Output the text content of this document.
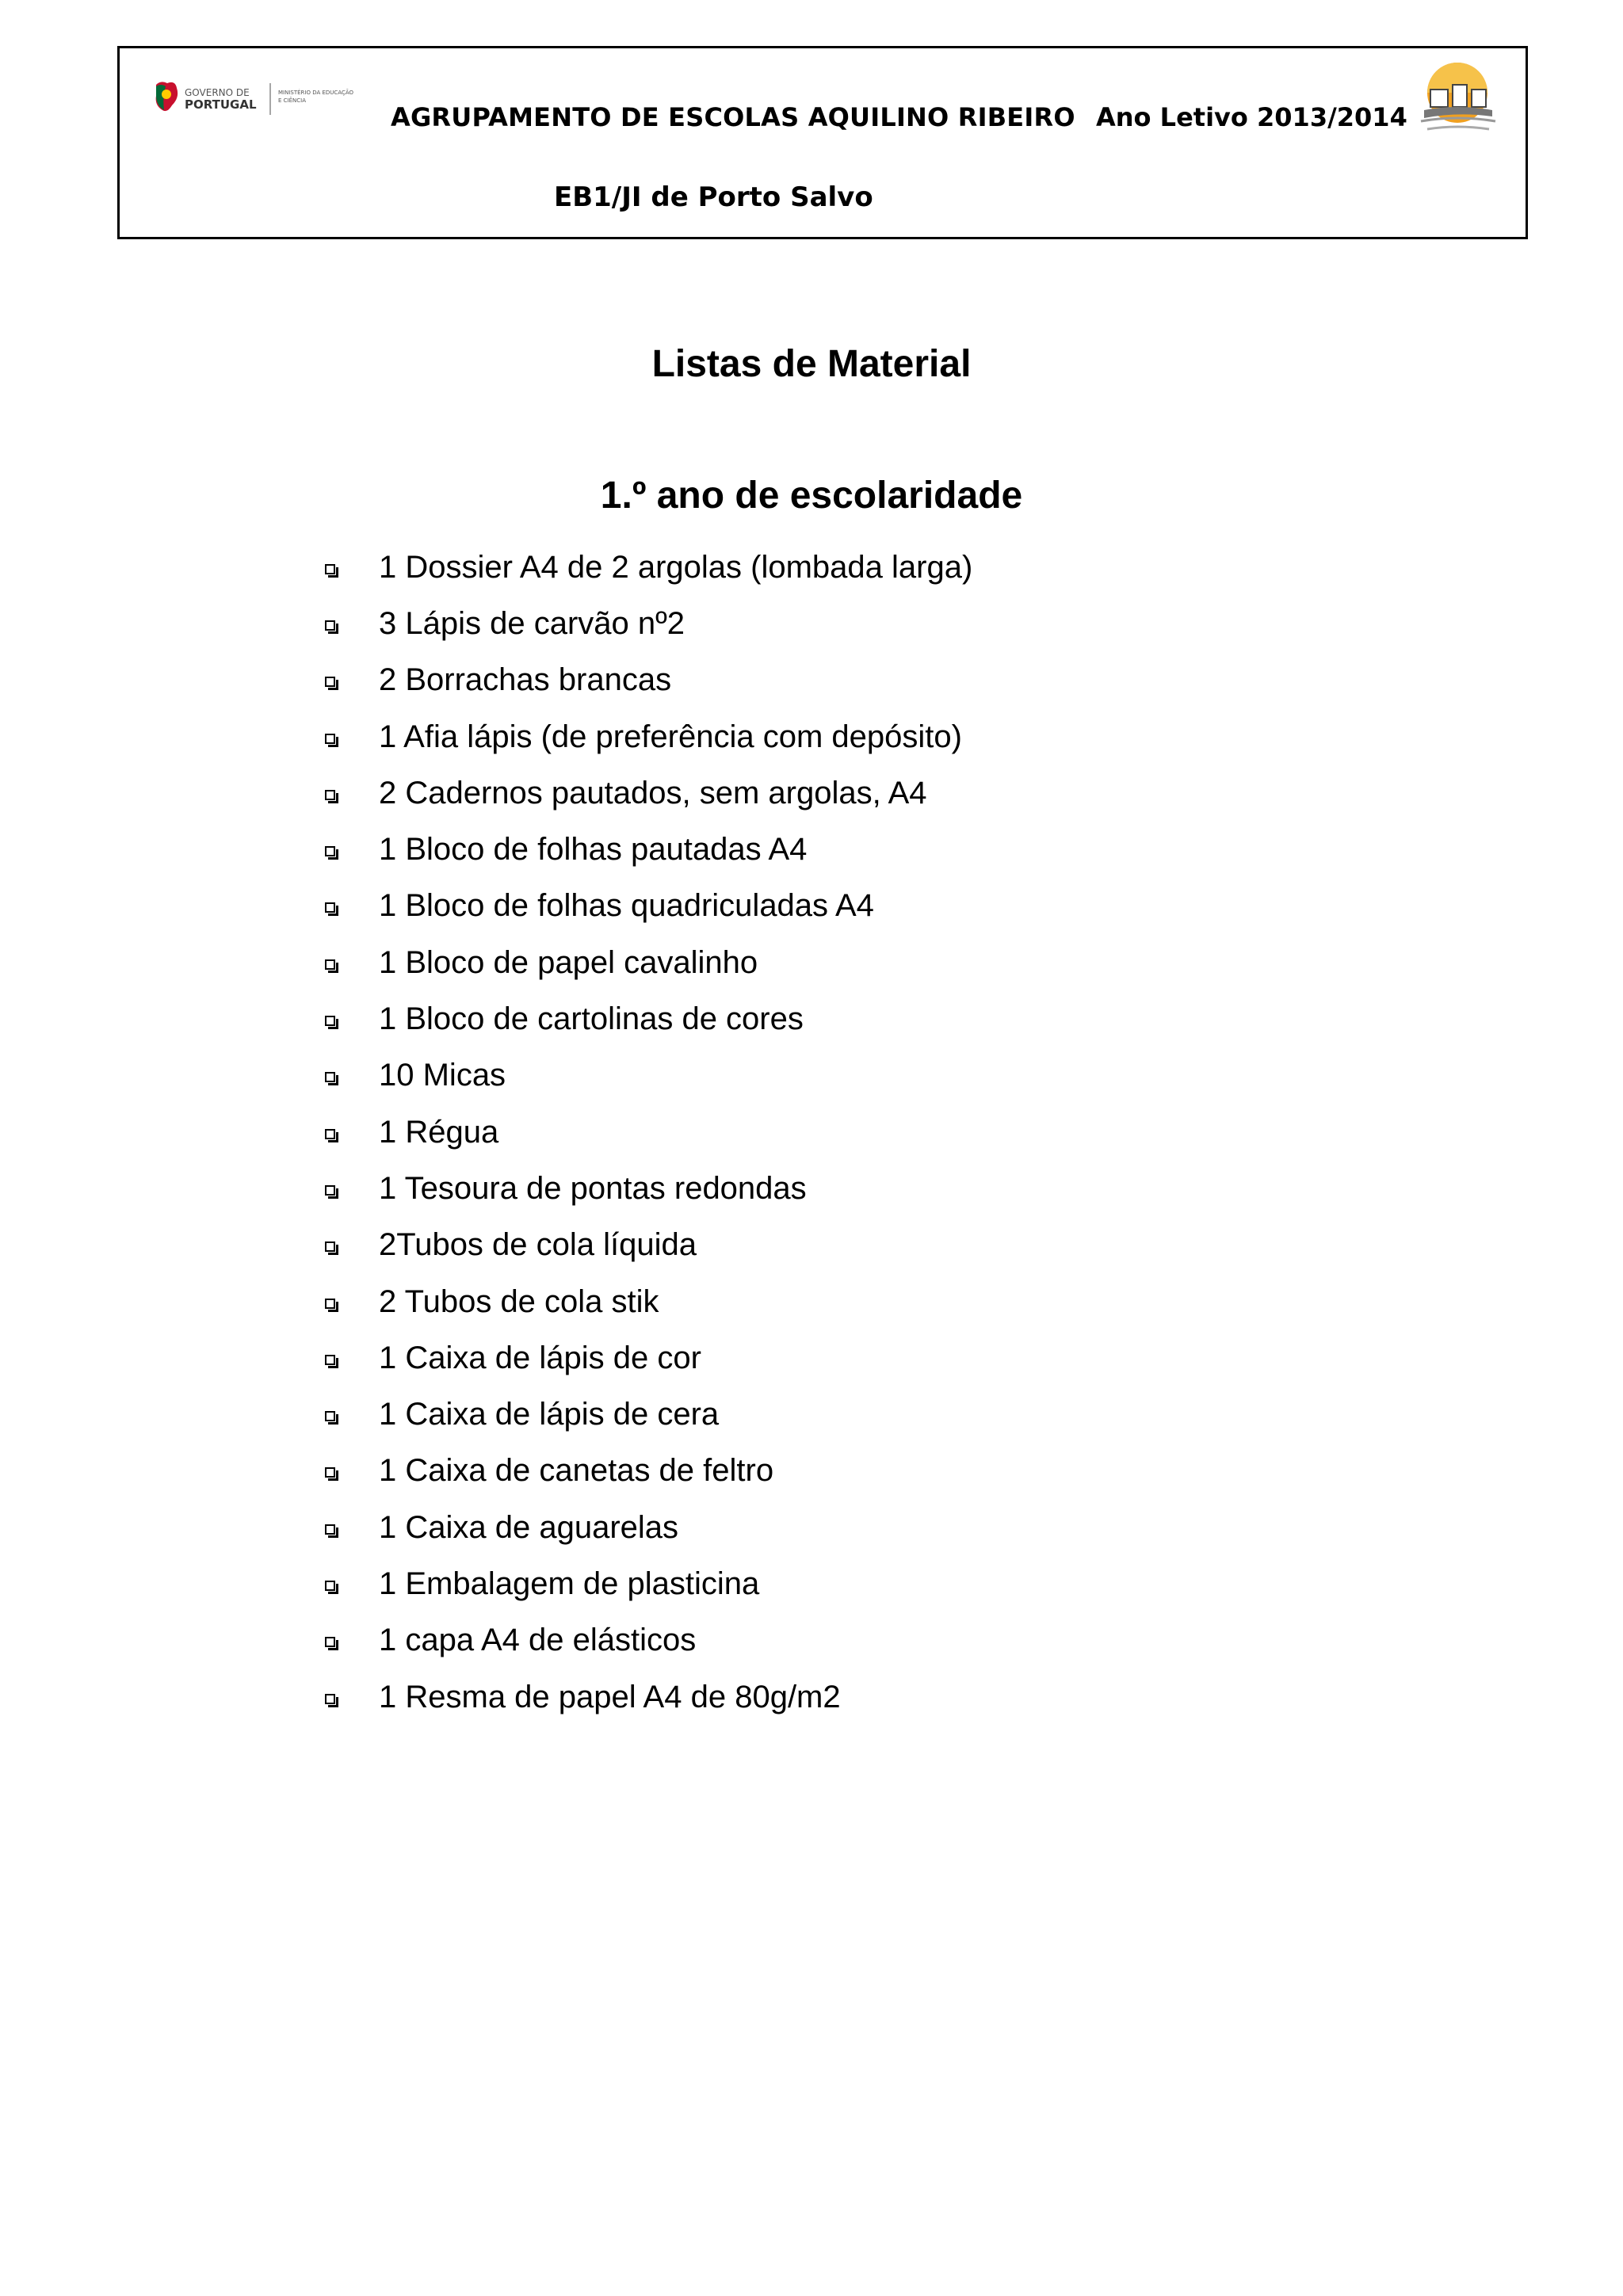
GOVERNO DE
PORTUGAL
MINISTÉRIO DA EDUCAÇÃO
E CIÊNCIA
AGRUPAMENTO DE ESCOLAS AQUILINO RIBEIRO Ano Letivo 2013/2014
EB1/JI de Porto Salvo
Listas de Material
1.º ano de escolaridade
1 Dossier A4 de 2 argolas (lombada larga)
3 Lápis de carvão nº2
2 Borrachas brancas
1 Afia lápis (de preferência com depósito)
2 Cadernos pautados, sem argolas, A4
1 Bloco de folhas pautadas A4
1 Bloco de folhas quadriculadas A4
1 Bloco de papel cavalinho
1 Bloco de cartolinas de cores
10 Micas
1 Régua
1 Tesoura de pontas redondas
2Tubos de cola líquida
2 Tubos de cola stik
1 Caixa de lápis de cor
1 Caixa de lápis de cera
1 Caixa de canetas de feltro
1 Caixa de aguarelas
1 Embalagem de plasticina
1 capa A4 de elásticos
1 Resma de papel A4 de 80g/m2
